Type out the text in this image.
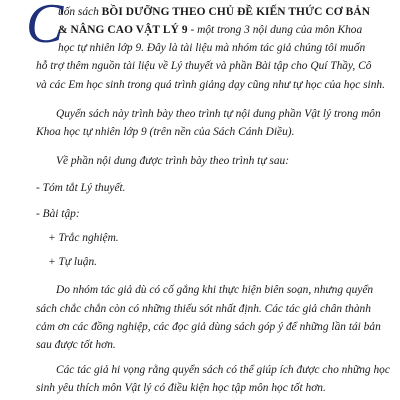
C
uốn sách BỒI DƯỠNG THEO CHỦ ĐỀ KIẾN THỨC CƠ BẢN
& NÂNG CAO VẬT LÝ 9 - một trong 3 nội dung của môn Khoa
học tự nhiên lớp 9. Đây là tài liệu mà nhóm tác giả chúng tôi muốn
hỗ trợ thêm nguồn tài liệu về Lý thuyết và phần Bài tập cho Quí Thầy, Cô
và các Em học sinh trong quá trình giảng dạy cũng như tự học của học sinh.
Quyển sách này trình bày theo trình tự nội dung phần Vật lý trong môn
Khoa học tự nhiên lớp 9 (trên nền của Sách Cánh Diều).
Về phần nội dung được trình bày theo trình tự sau:
- Tóm tắt Lý thuyết.
- Bài tập:
+ Trắc nghiệm.
+ Tự luận.
Do nhóm tác giả dù có cố gắng khi thực hiện biên soạn, nhưng quyển
sách chắc chắn còn có những thiếu sót nhất định. Các tác giả chân thành
cảm ơn các đồng nghiệp, các đọc giả dùng sách góp ý để những lần tái bản
sau được tốt hơn.
Các tác giả hi vọng rằng quyển sách có thể giúp ích được cho những học
sinh yêu thích môn Vật lý có điều kiện học tập môn học tốt hơn.
